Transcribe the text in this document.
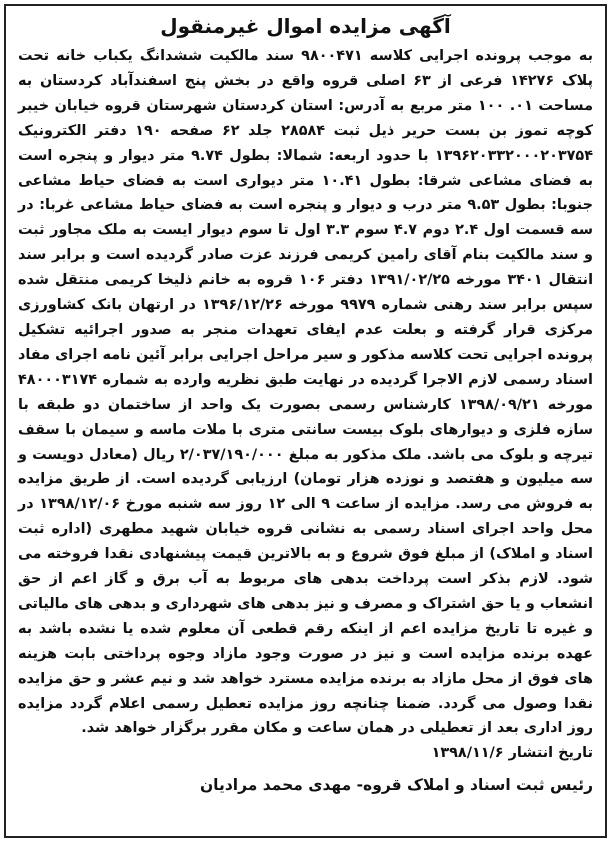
آگهی مزایده اموال غیرمنقول

به موجب پرونده اجرایی کلاسه ۹۸۰۰۴۷۱ سند مالکیت ششدانگ یکباب خانه تحت پلاک ۱۴۲۷۶ فرعی از ۶۳ اصلی قروه واقع در بخش پنج اسفندآباد کردستان به مساحت ۰۱. ۱۰۰ متر مربع به آدرس: استان کردستان شهرستان قروه خیابان خیبر کوچه تموز بن بست حریر ذیل ثبت ۲۸۵۸۴ جلد ۶۲ صفحه ۱۹۰ دفتر الکترونیک ۱۳۹۶۲۰۳۳۲۰۰۰۲۰۳۷۵۴ با حدود اربعه: شمالا: بطول ۹.۷۴ متر دیوار و پنجره است به فضای مشاعی شرقا: بطول ۱۰.۴۱ متر دیواری است به فضای حیاط مشاعی جنوبا: بطول ۹.۵۳ متر درب و دیوار و پنجره است به فضای حیاط مشاعی غربا: در سه قسمت اول ۲.۴ دوم ۴.۷ سوم ۳.۳ اول تا سوم دیوار ایست به ملک مجاور ثبت و سند مالکیت بنام آقای رامین کریمی فرزند عزت صادر گردیده است و برابر سند انتقال ۳۴۰۱ مورخه ۱۳۹۱/۰۲/۲۵ دفتر ۱۰۶ قروه به خانم ذلیخا کریمی منتقل شده سپس برابر سند رهنی شماره ۹۹۷۹ مورخه ۱۳۹۶/۱۲/۲۶ در ارتهان بانک کشاورزی مرکزی قرار گرفته و بعلت عدم ایفای تعهدات منجر به صدور اجرائیه تشکیل پرونده اجرایی تحت کلاسه مذکور و سیر مراحل اجرایی برابر آئین نامه اجرای مفاد اسناد رسمی لازم الاجرا گردیده در نهایت طبق نظریه وارده به شماره ۴۸۰۰۰۳۱۷۴ مورخه ۱۳۹۸/۰۹/۲۱ کارشناس رسمی بصورت یک واحد از ساختمان دو طبقه با سازه فلزی و دیوارهای بلوک بیست سانتی متری با ملات ماسه و سیمان با سقف تیرچه و بلوک می باشد. ملک مذکور به مبلغ ۲/۰۳۷/۱۹۰/۰۰۰ ریال (معادل دویست و سه میلیون و هفتصد و نوزده هزار تومان) ارزیابی گردیده است. از طریق مزایده به فروش می رسد. مزایده از ساعت ۹ الی ۱۲ روز سه شنبه مورخ ۱۳۹۸/۱۲/۰۶ در محل واحد اجرای اسناد رسمی به نشانی قروه خیابان شهید مطهری (اداره ثبت اسناد و املاک) از مبلغ فوق شروع و به بالاترین قیمت پیشنهادی نقدا فروخته می شود. لازم بذکر است پرداخت بدهی های مربوط به آب برق و گاز اعم از حق انشعاب و یا حق اشتراک و مصرف و نیز بدهی های شهرداری و بدهی های مالیاتی و غیره تا تاریخ مزایده اعم از اینکه رقم قطعی آن معلوم شده یا نشده باشد به عهده برنده مزایده است و نیز در صورت وجود مازاد وجوه پرداختی بابت هزینه های فوق از محل مازاد به برنده مزایده مسترد خواهد شد و نیم عشر و حق مزایده نقدا وصول می گردد. ضمنا چنانچه روز مزایده تعطیل رسمی اعلام گردد مزایده روز اداری بعد از تعطیلی در همان ساعت و مکان مقرر برگزار خواهد شد.

تاریخ انتشار ۱۳۹۸/۱۱/۶

رئیس ثبت اسناد و املاک قروه- مهدی محمد مرادیان
